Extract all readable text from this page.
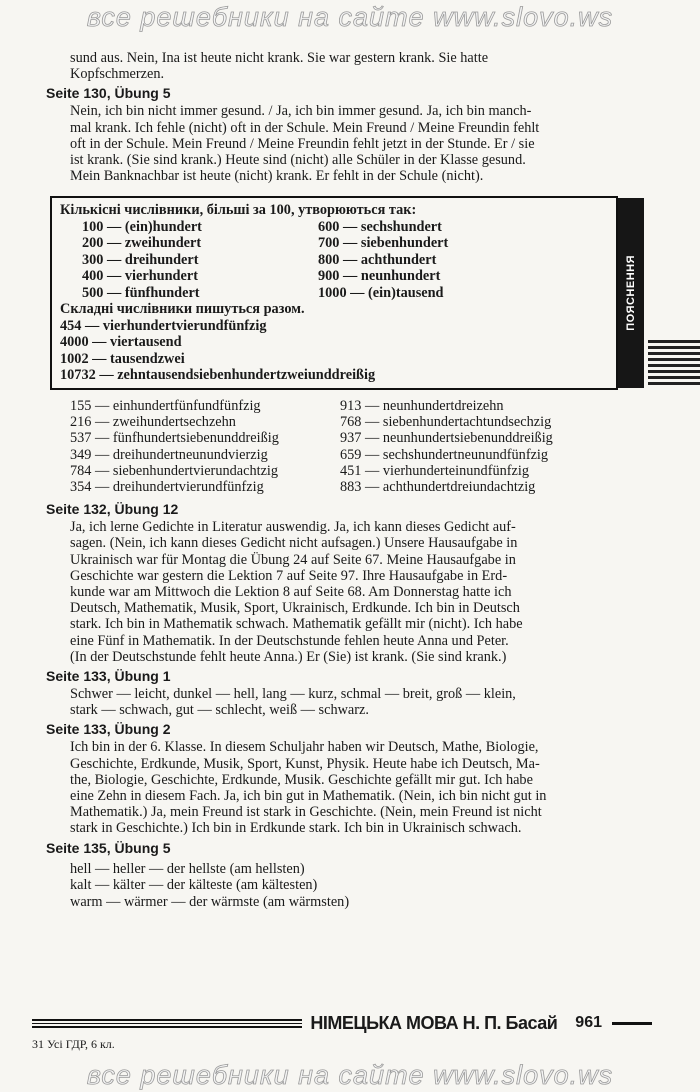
все решебники на сайте www.slovo.ws

sund aus. Nein, Ina ist heute nicht krank. Sie war gestern krank. Sie hatte

Kopfschmerzen.

Seite 130, Übung 5

Nein, ich bin nicht immer gesund. / Ja, ich bin immer gesund. Ja, ich bin manch-

mal krank. Ich fehle (nicht) oft in der Schule. Mein Freund / Meine Freundin fehlt

oft in der Schule. Mein Freund / Meine Freundin fehlt jetzt in der Stunde. Er / sie

ist krank. (Sie sind krank.) Heute sind (nicht) alle Schüler in der Klasse gesund.

Mein Banknachbar ist heute (nicht) krank. Er fehlt in der Schule (nicht).

Кількісні числівники, більші за 100, утворюються так:
100 — (ein)hundert	600 — sechshundert
200 — zweihundert	700 — siebenhundert
300 — dreihundert	800 — achthundert
400 — vierhundert	900 — neunhundert
500 — fünfhundert	1000 — (ein)tausend
Складні числівники пишуться разом.
454 — vierhundertvierundfünfzig
4000 — viertausend
1002 — tausendzwei
10732 — zehntausendsiebenhundertzweiunddreißig
ПОЯСНЕННЯ
155 — einhundertfünfundfünfzig	913 — neunhundertdreizehn
216 — zweihundertsechzehn	768 — siebenhundertachtundsechzig
537 — fünfhundertsiebenunddreißig	937 — neunhundertsiebenunddreißig
349 — dreihundertneunundvierzig	659 — sechshundertneunundfünfzig
784 — siebenhundertvierundachtzig	451 — vierhunderteinundfünfzig
354 — dreihundertvierundfünfzig	883 — achthundertdreiundachtzig
Seite 132, Übung 12

Ja, ich lerne Gedichte in Literatur auswendig. Ja, ich kann dieses Gedicht auf-

sagen. (Nein, ich kann dieses Gedicht nicht aufsagen.) Unsere Hausaufgabe in

Ukrainisch war für Montag die Übung 24 auf Seite 67. Meine Hausaufgabe in

Geschichte war gestern die Lektion 7 auf Seite 97. Ihre Hausaufgabe in Erd-

kunde war am Mittwoch die Lektion 8 auf Seite 68. Am Donnerstag hatte ich

Deutsch, Mathematik, Musik, Sport, Ukrainisch, Erdkunde. Ich bin in Deutsch

stark. Ich bin in Mathematik schwach. Mathematik gefällt mir (nicht). Ich habe

eine Fünf in Mathematik. In der Deutschstunde fehlen heute Anna und Peter.

(In der Deutschstunde fehlt heute Anna.) Er (Sie) ist krank. (Sie sind krank.)

Seite 133, Übung 1

Schwer — leicht, dunkel — hell, lang — kurz, schmal — breit, groß — klein,

stark — schwach, gut — schlecht, weiß — schwarz.

Seite 133, Übung 2

Ich bin in der 6. Klasse. In diesem Schuljahr haben wir Deutsch, Mathe, Biologie,

Geschichte, Erdkunde, Musik, Sport, Kunst, Physik. Heute habe ich Deutsch, Ma-

the, Biologie, Geschichte, Erdkunde, Musik. Geschichte gefällt mir gut. Ich habe

eine Zehn in diesem Fach. Ja, ich bin gut in Mathematik. (Nein, ich bin nicht gut in

Mathematik.) Ja, mein Freund ist stark in Geschichte. (Nein, mein Freund ist nicht

stark in Geschichte.) Ich bin in Erdkunde stark. Ich bin in Ukrainisch schwach.

Seite 135, Übung 5

hell — heller — der hellste (am hellsten)

kalt — kälter — der kälteste (am kältesten)

warm — wärmer — der wärmste (am wärmsten)

НІМЕЦЬКА МОВА Н. П. Басай 961
31 Усі ГДР, 6 кл.
все решебники на сайте www.slovo.ws
